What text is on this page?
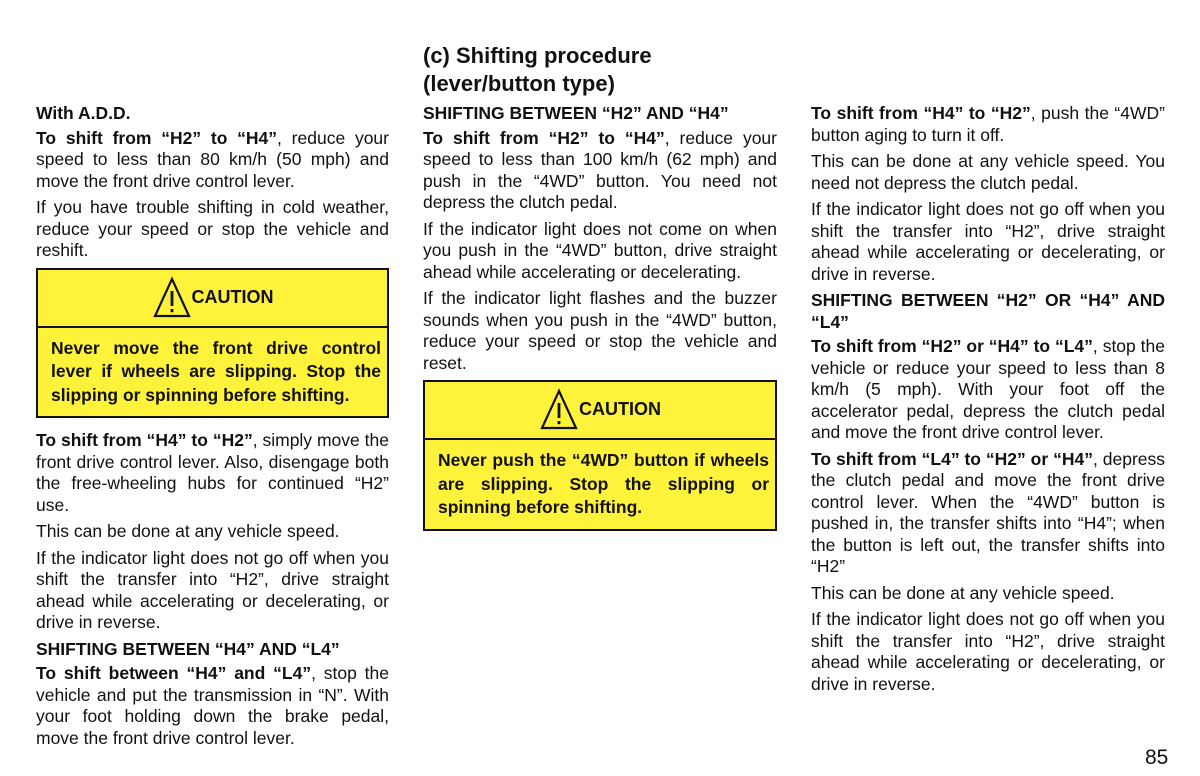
(c) Shifting procedure
(lever/button type)

With A.D.D.

To shift from “H2” to “H4”, reduce your speed to less than 80 km/h (50 mph) and move the front drive control lever.

If you have trouble shifting in cold weather, reduce your speed or stop the vehicle and reshift.

CAUTION
Never move the front drive control lever if wheels are slipping. Stop the slipping or spinning before shifting.

To shift from “H4” to “H2”, simply move the front drive control lever. Also, disengage both the free-wheeling hubs for continued “H2” use.

This can be done at any vehicle speed.

If the indicator light does not go off when you shift the transfer into “H2”, drive straight ahead while accelerating or decelerating, or drive in reverse.

SHIFTING BETWEEN “H4” AND “L4”

To shift between “H4” and “L4”, stop the vehicle and put the transmission in “N”. With your foot holding down the brake pedal, move the front drive control lever.

SHIFTING BETWEEN “H2” AND “H4”

To shift from “H2” to “H4”, reduce your speed to less than 100 km/h (62 mph) and push in the “4WD” button. You need not depress the clutch pedal.

If the indicator light does not come on when you push in the “4WD” button, drive straight ahead while accelerating or decelerating.

If the indicator light flashes and the buzzer sounds when you push in the “4WD” button, reduce your speed or stop the vehicle and reset.

CAUTION
Never push the “4WD” button if wheels are slipping. Stop the slipping or spinning before shifting.

To shift from “H4” to “H2”, push the “4WD” button aging to turn it off.

This can be done at any vehicle speed. You need not depress the clutch pedal.

If the indicator light does not go off when you shift the transfer into “H2”, drive straight ahead while accelerating or decelerating, or drive in reverse.

SHIFTING BETWEEN “H2” OR “H4” AND “L4”

To shift from “H2” or “H4” to “L4”, stop the vehicle or reduce your speed to less than 8 km/h (5 mph). With your foot off the accelerator pedal, depress the clutch pedal and move the front drive control lever.

To shift from “L4” to “H2” or “H4”, depress the clutch pedal and move the front drive control lever. When the “4WD” button is pushed in, the transfer shifts into “H4”; when the button is left out, the transfer shifts into “H2”

This can be done at any vehicle speed.

If the indicator light does not go off when you shift the transfer into “H2”, drive straight ahead while accelerating or decelerating, or drive in reverse.

85
